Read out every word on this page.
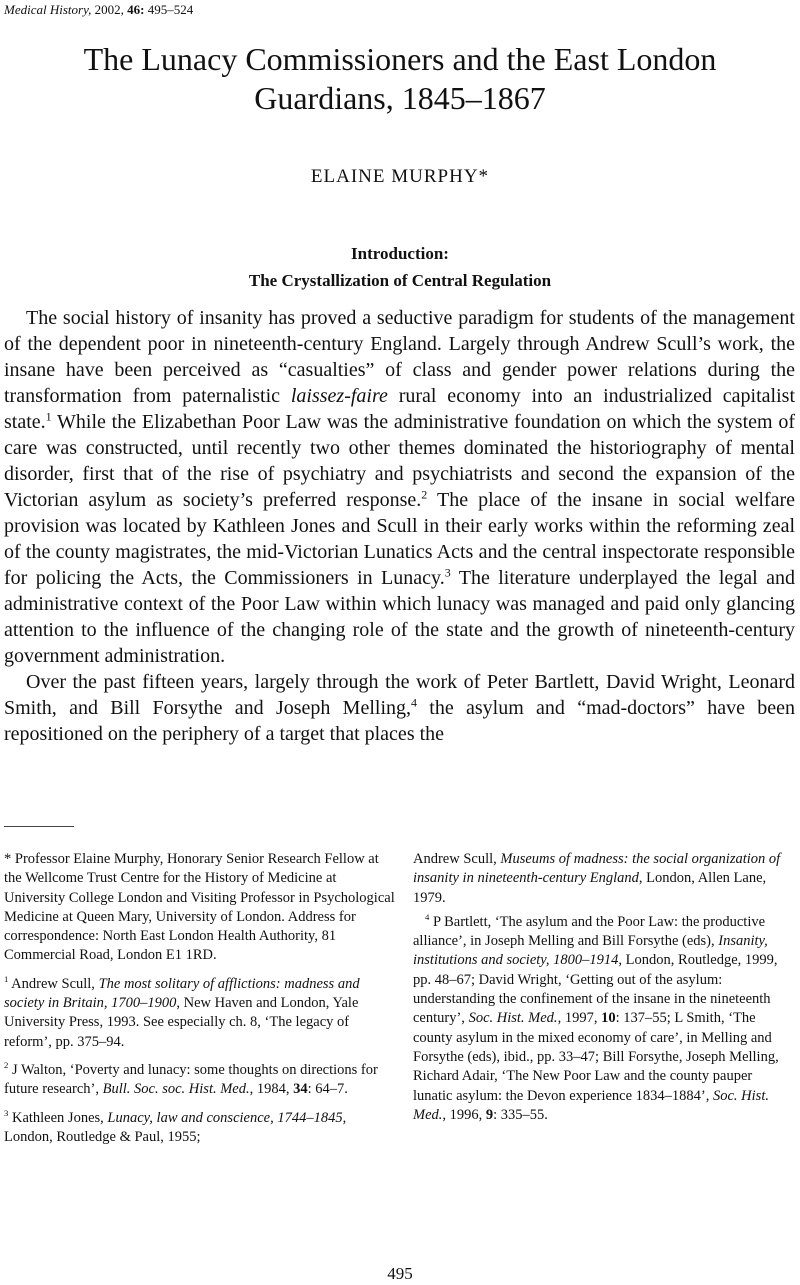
Medical History, 2002, 46: 495–524
The Lunacy Commissioners and the East London
Guardians, 1845–1867
ELAINE MURPHY*
Introduction:
The Crystallization of Central Regulation

The social history of insanity has proved a seductive paradigm for students of the management of the dependent poor in nineteenth-century England. Largely through Andrew Scull’s work, the insane have been perceived as “casualties” of class and gender power relations during the transformation from paternalistic laissez-faire rural economy into an industrialized capitalist state.$^1$ While the Elizabethan Poor Law was the administrative foundation on which the system of care was constructed, until recently two other themes dominated the historiography of mental disorder, first that of the rise of psychiatry and psychiatrists and second the expansion of the Victorian asylum as society’s preferred response.$^2$ The place of the insane in social welfare provision was located by Kathleen Jones and Scull in their early works within the reforming zeal of the county magistrates, the mid-Victorian Lunatics Acts and the central inspectorate responsible for policing the Acts, the Commissioners in Lunacy.$^3$ The literature underplayed the legal and administrative context of the Poor Law within which lunacy was managed and paid only glancing attention to the influence of the changing role of the state and the growth of nineteenth-century government administration.

Over the past fifteen years, largely through the work of Peter Bartlett, David Wright, Leonard Smith, and Bill Forsythe and Joseph Melling,$^4$ the asylum and “mad-doctors” have been repositioned on the periphery of a target that places the

* Professor Elaine Murphy, Honorary Senior Research Fellow at the Wellcome Trust Centre for the History of Medicine at University College London and Visiting Professor in Psychological Medicine at Queen Mary, University of London. Address for correspondence: North East London Health Authority, 81 Commercial Road, London E1 1RD.

$^1$ Andrew Scull, The most solitary of afflictions: madness and society in Britain, 1700–1900, New Haven and London, Yale University Press, 1993. See especially ch. 8, ‘The legacy of reform’, pp. 375–94.

$^2$ J Walton, ‘Poverty and lunacy: some thoughts on directions for future research’, Bull. Soc. soc. Hist. Med., 1984, 34: 64–7.

$^3$ Kathleen Jones, Lunacy, law and conscience, 1744–1845, London, Routledge & Paul, 1955;

Andrew Scull, Museums of madness: the social organization of insanity in nineteenth-century England, London, Allen Lane, 1979.

$^4$ P Bartlett, ‘The asylum and the Poor Law: the productive alliance’, in Joseph Melling and Bill Forsythe (eds), Insanity, institutions and society, 1800–1914, London, Routledge, 1999, pp. 48–67; David Wright, ‘Getting out of the asylum: understanding the confinement of the insane in the nineteenth century’, Soc. Hist. Med., 1997, 10: 137–55; L Smith, ‘The county asylum in the mixed economy of care’, in Melling and Forsythe (eds), ibid., pp. 33–47; Bill Forsythe, Joseph Melling, Richard Adair, ‘The New Poor Law and the county pauper lunatic asylum: the Devon experience 1834–1884’, Soc. Hist. Med., 1996, 9: 335–55.

495
